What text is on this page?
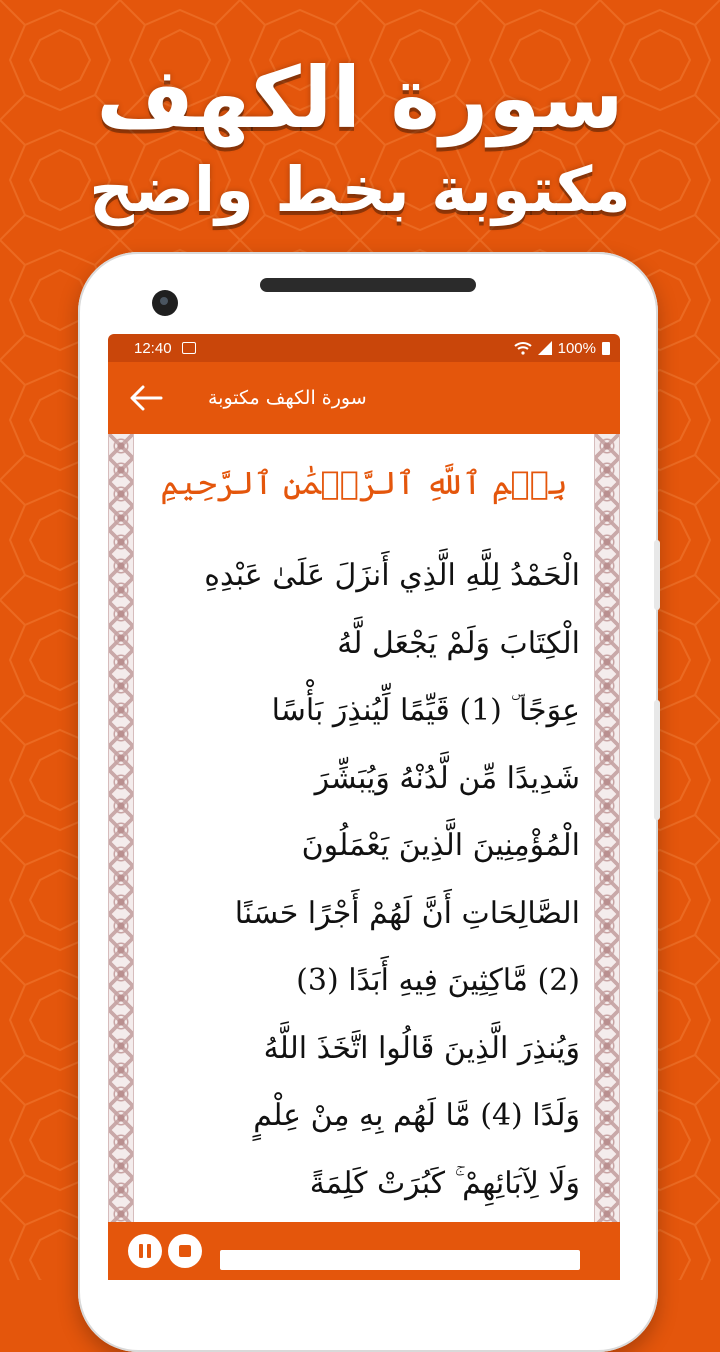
سورة الكهف
مكتوبة بخط واضح
12:40	100%
سورة الكهف مكتوبة
بِسۡمِ ٱللَّهِ ٱلرَّحۡمَٰنِ ٱلرَّحِيمِ
الْحَمْدُ لِلَّهِ الَّذِي أَنزَلَ عَلَىٰ عَبْدِهِ
الْكِتَابَ وَلَمْ يَجْعَل لَّهُ
عِوَجًا ۜ (1) قَيِّمًا لِّيُنذِرَ بَأْسًا
شَدِيدًا مِّن لَّدُنْهُ وَيُبَشِّرَ
الْمُؤْمِنِينَ الَّذِينَ يَعْمَلُونَ
الصَّالِحَاتِ أَنَّ لَهُمْ أَجْرًا حَسَنًا
(2) مَّاكِثِينَ فِيهِ أَبَدًا (3)
وَيُنذِرَ الَّذِينَ قَالُوا اتَّخَذَ اللَّهُ
وَلَدًا (4) مَّا لَهُم بِهِ مِنْ عِلْمٍ
وَلَا لِآبَائِهِمْ ۚ كَبُرَتْ كَلِمَةً
